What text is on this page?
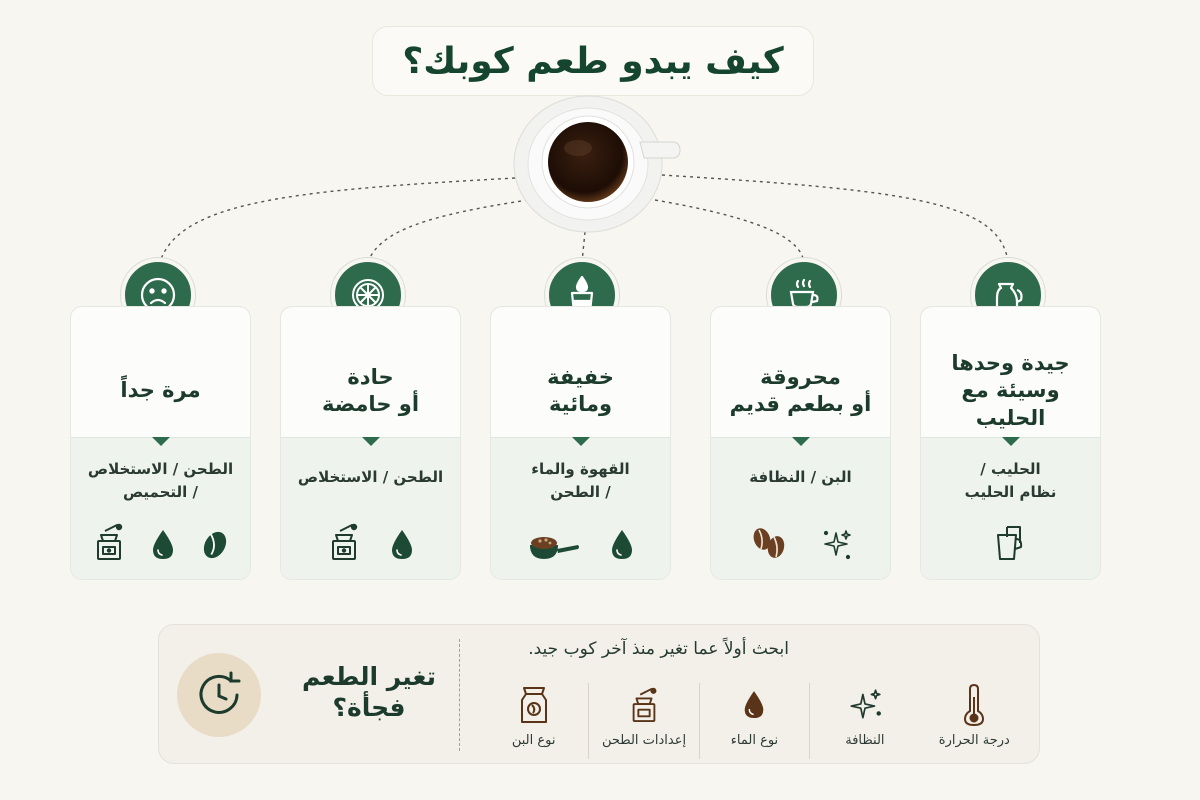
كيف يبدو طعم كوبك؟
جيدة وحدها
وسيئة مع الحليب
الحليب /
نظام الحليب
محروقة
أو بطعم قديم
البن / النظافة
خفيفة
ومائية
القهوة والماء
/ الطحن
حادة
أو حامضة
الطحن / الاستخلاص
مرة جداً
الطحن / الاستخلاص
/ التحميص
تغير الطعم
فجأة؟
ابحث أولاً عما تغير منذ آخر كوب جيد.
درجة الحرارة
النظافة
نوع الماء
إعدادات الطحن
نوع البن
